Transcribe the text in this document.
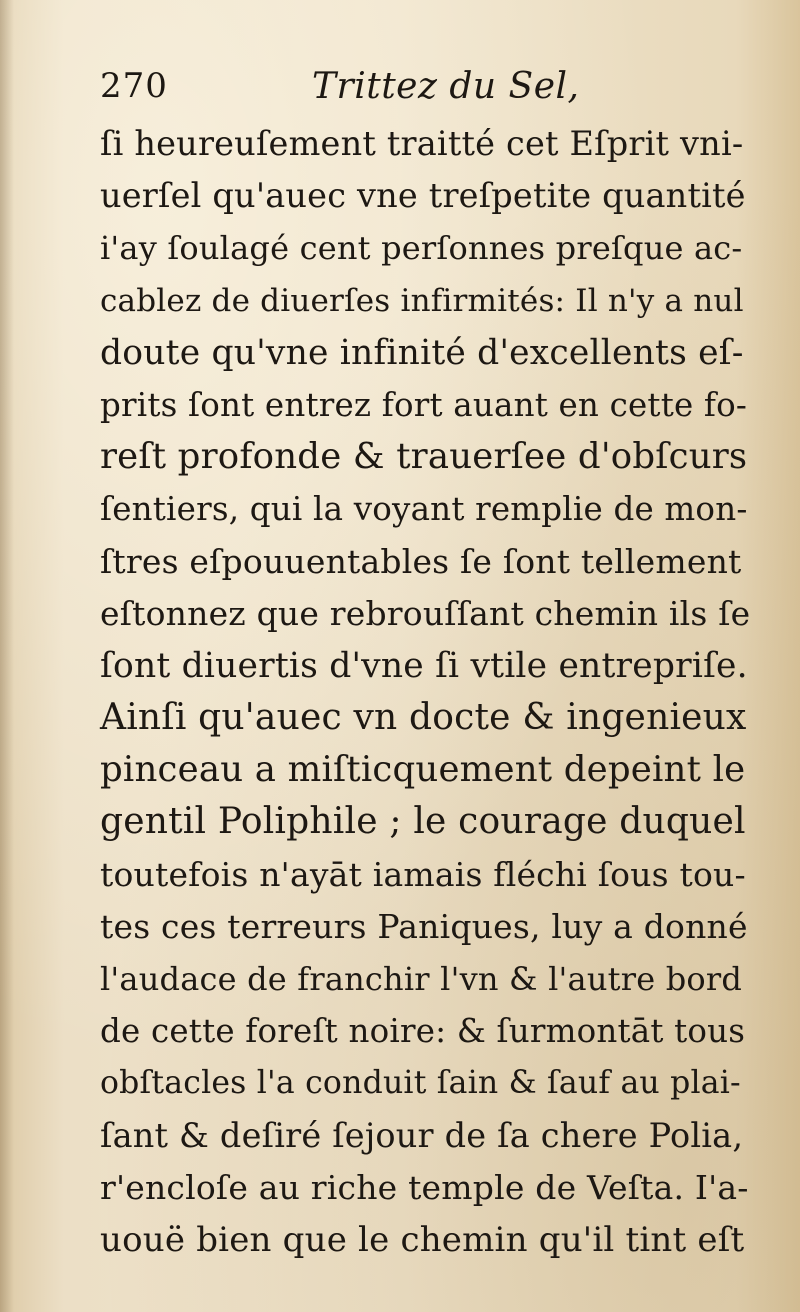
270	Trittez du Sel,
ſi heureuſement traitté cet Eſprit vni-
uerſel qu'auec vne treſpetite quantité
i'ay ſoulagé cent perſonnes preſque ac-
cablez de diuerſes infirmités: Il n'y a nul
doute qu'vne infinité d'excellents eſ-
prits ſont entrez fort auant en cette fo-
reſt profonde & trauerſee d'obſcurs
ſentiers, qui la voyant remplie de mon-
ſtres eſpouuentables ſe ſont tellement
eſtonnez que rebrouſſant chemin ils ſe
ſont diuertis d'vne ſi vtile entrepriſe.
Ainſi qu'auec vn docte & ingenieux
pinceau a miſticquement depeint le
gentil Poliphile ; le courage duquel
toutefois n'ayāt iamais fléchi ſous tou-
tes ces terreurs Paniques, luy a donné
l'audace de franchir l'vn & l'autre bord
de cette foreſt noire: & ſurmontāt tous
obſtacles l'a conduit ſain & ſauf au plai-
ſant & deſiré ſejour de ſa chere Polia,
r'encloſe au riche temple de Veſta. I'a-
uouë bien que le chemin qu'il tint eſt
